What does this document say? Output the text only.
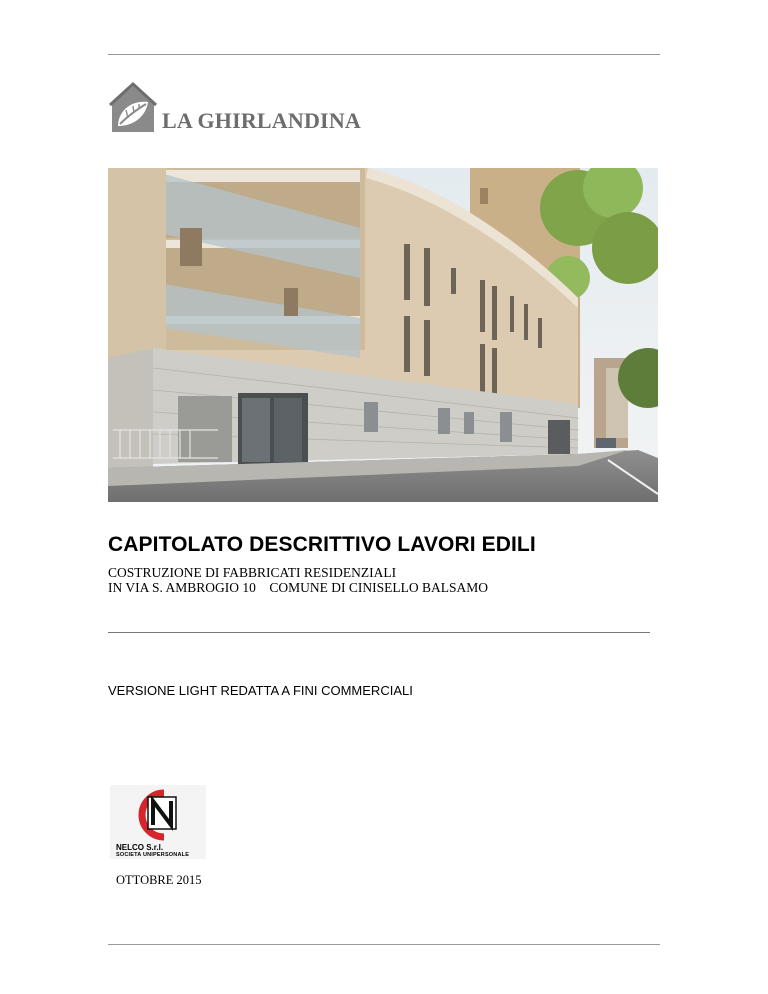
LA GHIRLANDINA
CAPITOLATO DESCRITTIVO LAVORI EDILI
COSTRUZIONE DI FABBRICATI RESIDENZIALI
IN VIA S. AMBROGIO 10    COMUNE DI CINISELLO BALSAMO
VERSIONE LIGHT REDATTA A FINI COMMERCIALI
NELCO S.r.l.
SOCIETA UNIPERSONALE
OTTOBRE 2015
